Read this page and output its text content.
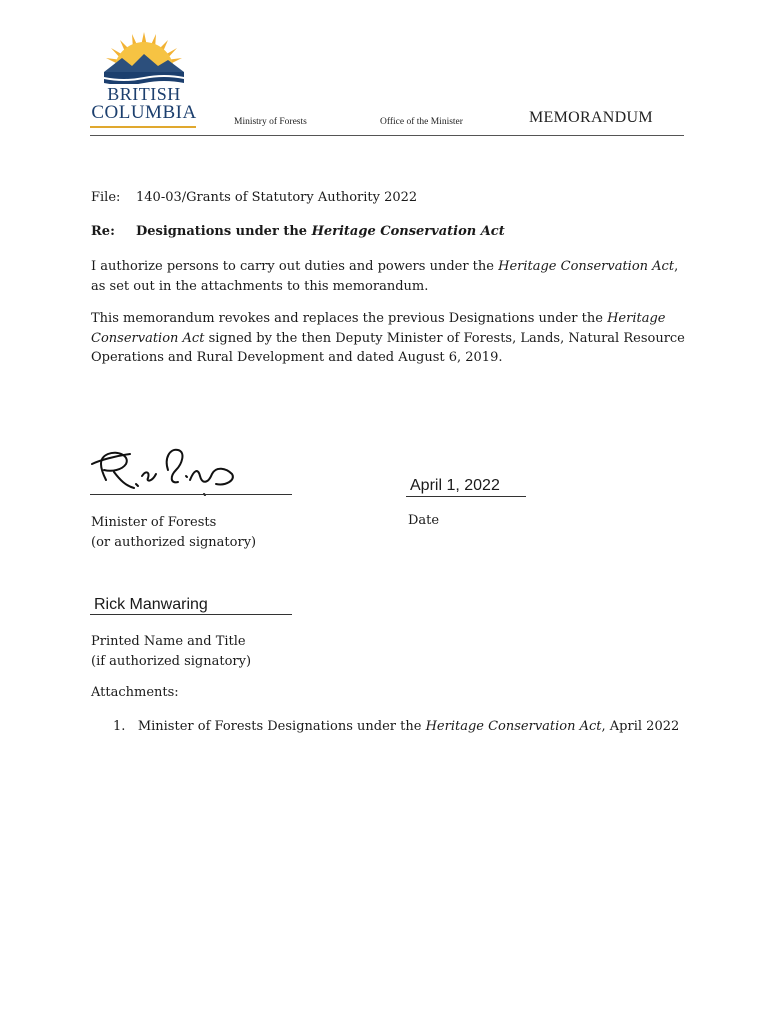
BRITISH
COLUMBIA	Ministry of Forests	Office of the Minister	MEMORANDUM
File: 140-03/Grants of Statutory Authority 2022
Re: Designations under the Heritage Conservation Act
I authorize persons to carry out duties and powers under the Heritage Conservation Act,
as set out in the attachments to this memorandum.
This memorandum revokes and replaces the previous Designations under the Heritage
Conservation Act signed by the then Deputy Minister of Forests, Lands, Natural Resource
Operations and Rural Development and dated August 6, 2019.
April 1, 2022
Minister of Forests
(or authorized signatory)
Date
Rick Manwaring
Printed Name and Title
(if authorized signatory)
Attachments:
1. Minister of Forests Designations under the Heritage Conservation Act, April 2022
